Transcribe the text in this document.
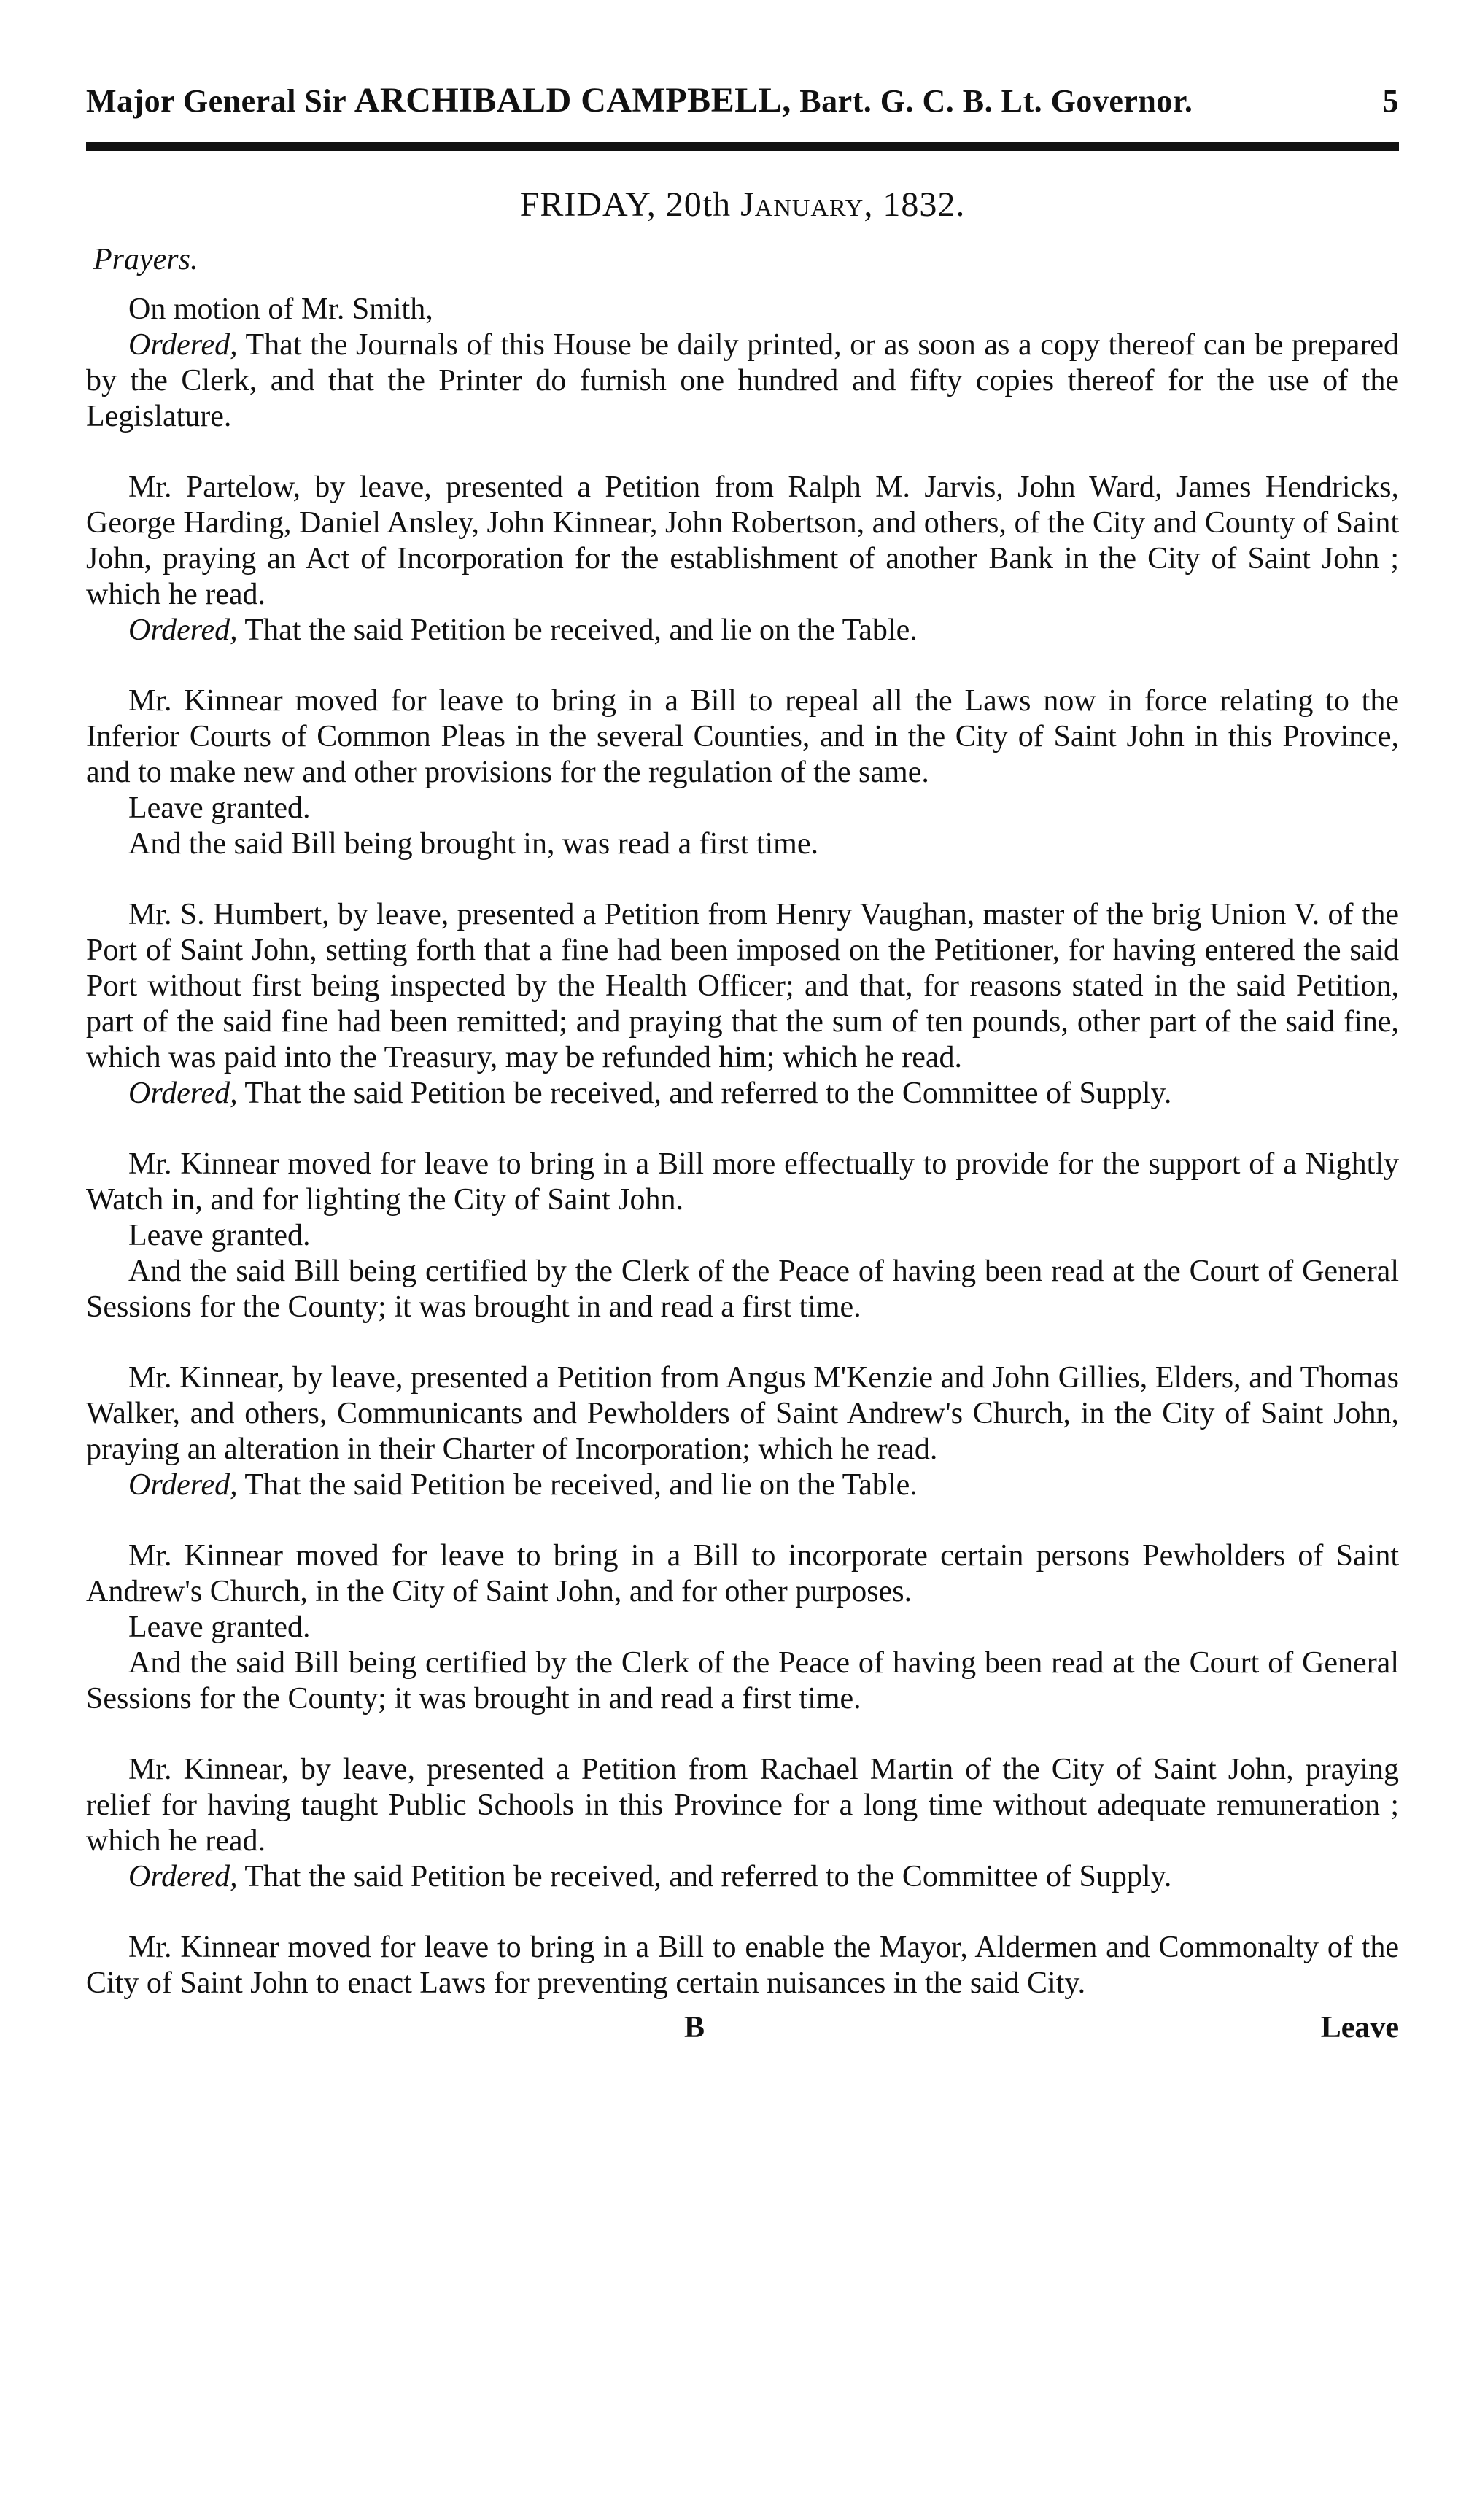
Major General Sir ARCHIBALD CAMPBELL, Bart. G. C. B. Lt. Governor.	5
FRIDAY, 20th January, 1832.
Prayers.

On motion of Mr. Smith,

Ordered, That the Journals of this House be daily printed, or as soon as a copy thereof can be prepared by the Clerk, and that the Printer do furnish one hundred and fifty copies thereof for the use of the Legislature.

Mr. Partelow, by leave, presented a Petition from Ralph M. Jarvis, John Ward, James Hendricks, George Harding, Daniel Ansley, John Kinnear, John Robertson, and others, of the City and County of Saint John, praying an Act of Incorporation for the establishment of another Bank in the City of Saint John ; which he read.

Ordered, That the said Petition be received, and lie on the Table.

Mr. Kinnear moved for leave to bring in a Bill to repeal all the Laws now in force relating to the Inferior Courts of Common Pleas in the several Counties, and in the City of Saint John in this Province, and to make new and other provisions for the regulation of the same.

Leave granted.

And the said Bill being brought in, was read a first time.

Mr. S. Humbert, by leave, presented a Petition from Henry Vaughan, master of the brig Union V. of the Port of Saint John, setting forth that a fine had been imposed on the Petitioner, for having entered the said Port without first being inspected by the Health Officer; and that, for reasons stated in the said Petition, part of the said fine had been remitted; and praying that the sum of ten pounds, other part of the said fine, which was paid into the Treasury, may be refunded him; which he read.

Ordered, That the said Petition be received, and referred to the Committee of Supply.

Mr. Kinnear moved for leave to bring in a Bill more effectually to provide for the support of a Nightly Watch in, and for lighting the City of Saint John.

Leave granted.

And the said Bill being certified by the Clerk of the Peace of having been read at the Court of General Sessions for the County; it was brought in and read a first time.

Mr. Kinnear, by leave, presented a Petition from Angus M'Kenzie and John Gillies, Elders, and Thomas Walker, and others, Communicants and Pewholders of Saint Andrew's Church, in the City of Saint John, praying an alteration in their Charter of Incorporation; which he read.

Ordered, That the said Petition be received, and lie on the Table.

Mr. Kinnear moved for leave to bring in a Bill to incorporate certain persons Pewholders of Saint Andrew's Church, in the City of Saint John, and for other purposes.

Leave granted.

And the said Bill being certified by the Clerk of the Peace of having been read at the Court of General Sessions for the County; it was brought in and read a first time.

Mr. Kinnear, by leave, presented a Petition from Rachael Martin of the City of Saint John, praying relief for having taught Public Schools in this Province for a long time without adequate remuneration ; which he read.

Ordered, That the said Petition be received, and referred to the Committee of Supply.

Mr. Kinnear moved for leave to bring in a Bill to enable the Mayor, Aldermen and Commonalty of the City of Saint John to enact Laws for preventing certain nuisances in the said City.

B	Leave
